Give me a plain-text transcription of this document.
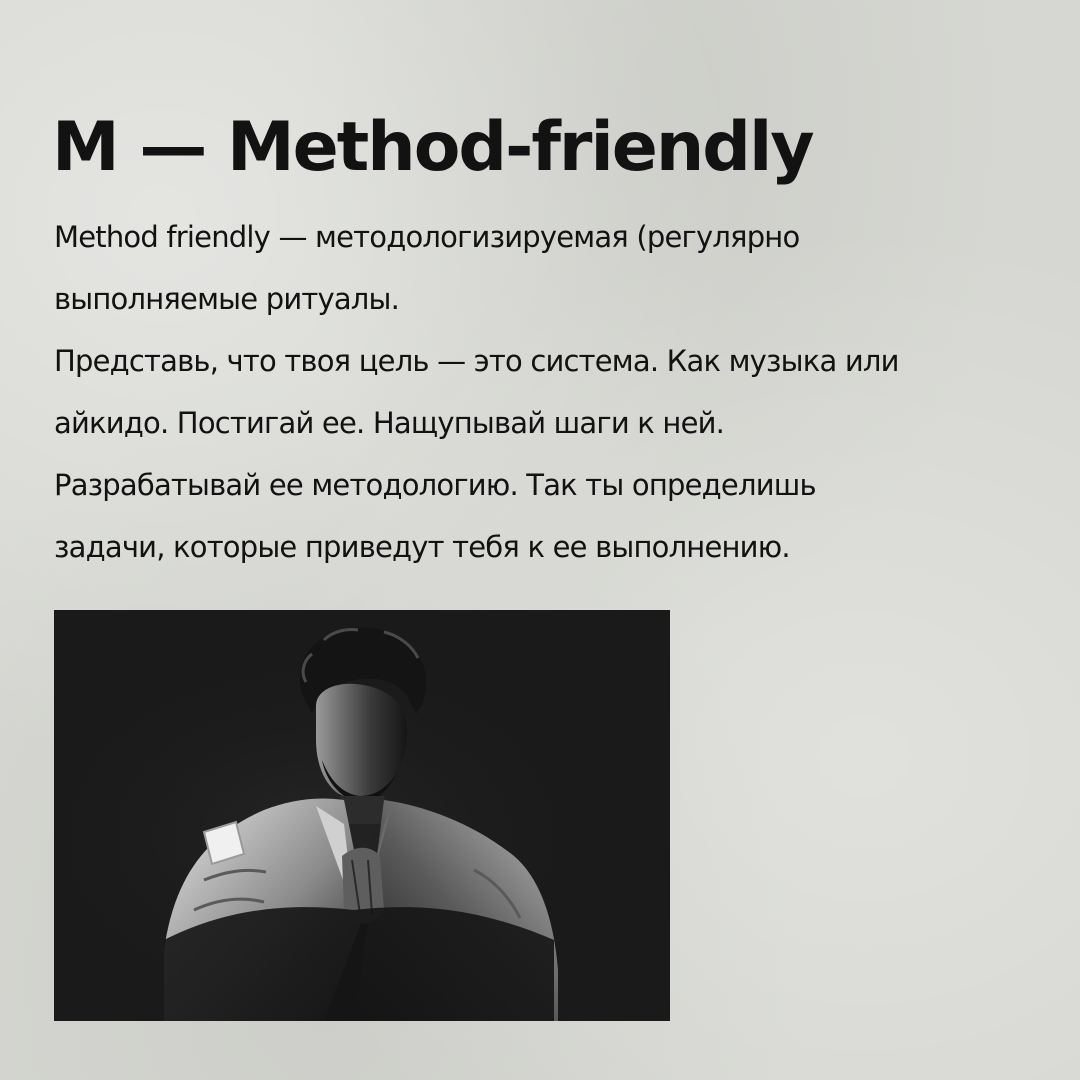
M — Method-friendly

Method friendly — методологизируемая (регулярно
выполняемые ритуалы.
Представь, что твоя цель — это система. Как музыка или
айкидо. Постигай ее. Нащупывай шаги к ней.
Разрабатывай ее методологию. Так ты определишь
задачи, которые приведут тебя к ее выполнению.
